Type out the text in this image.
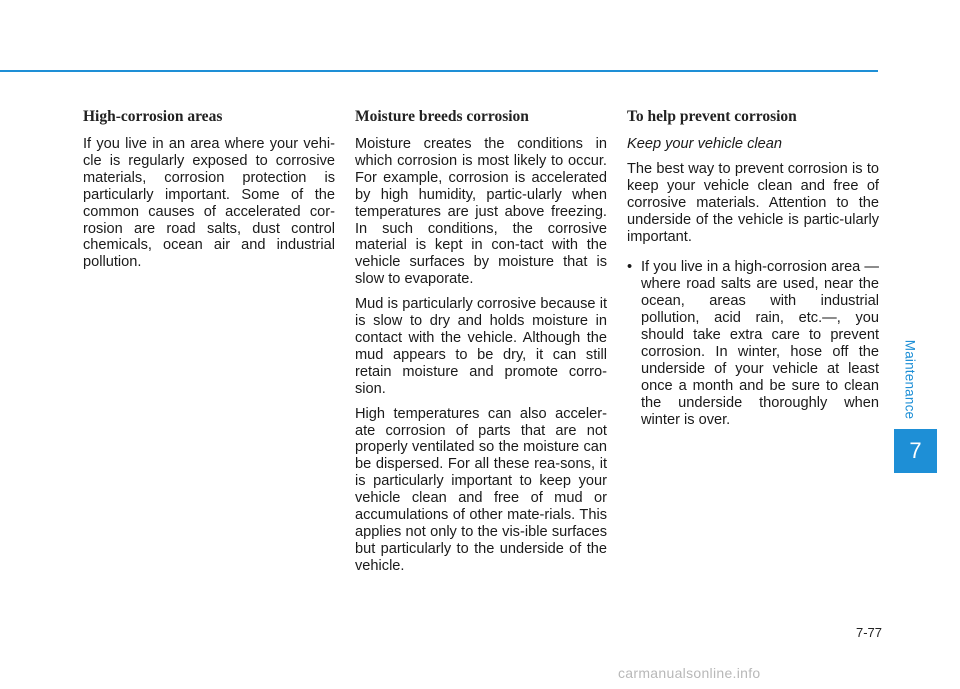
High-corrosion areas

If you live in an area where your vehi-cle is regularly exposed to corrosive materials, corrosion protection is particularly important. Some of the common causes of accelerated cor-rosion are road salts, dust control chemicals, ocean air and industrial pollution.

Moisture breeds corrosion

Moisture creates the conditions in which corrosion is most likely to occur. For example, corrosion is accelerated by high humidity, partic-ularly when temperatures are just above freezing. In such conditions, the corrosive material is kept in con-tact with the vehicle surfaces by moisture that is slow to evaporate.

Mud is particularly corrosive because it is slow to dry and holds moisture in contact with the vehicle. Although the mud appears to be dry, it can still retain moisture and promote corro-sion.

High temperatures can also acceler-ate corrosion of parts that are not properly ventilated so the moisture can be dispersed. For all these rea-sons, it is particularly important to keep your vehicle clean and free of mud or accumulations of other mate-rials. This applies not only to the vis-ible surfaces but particularly to the underside of the vehicle.

To help prevent corrosion

Keep your vehicle clean

The best way to prevent corrosion is to keep your vehicle clean and free of corrosive materials. Attention to the underside of the vehicle is partic-ularly important.

• If you live in a high-corrosion area — where road salts are used, near the ocean, areas with industrial pollution, acid rain, etc.—, you should take extra care to prevent corrosion. In winter, hose off the underside of your vehicle at least once a month and be sure to clean the underside thoroughly when winter is over.
Maintenance
7
7-77
carmanualsonline.info
